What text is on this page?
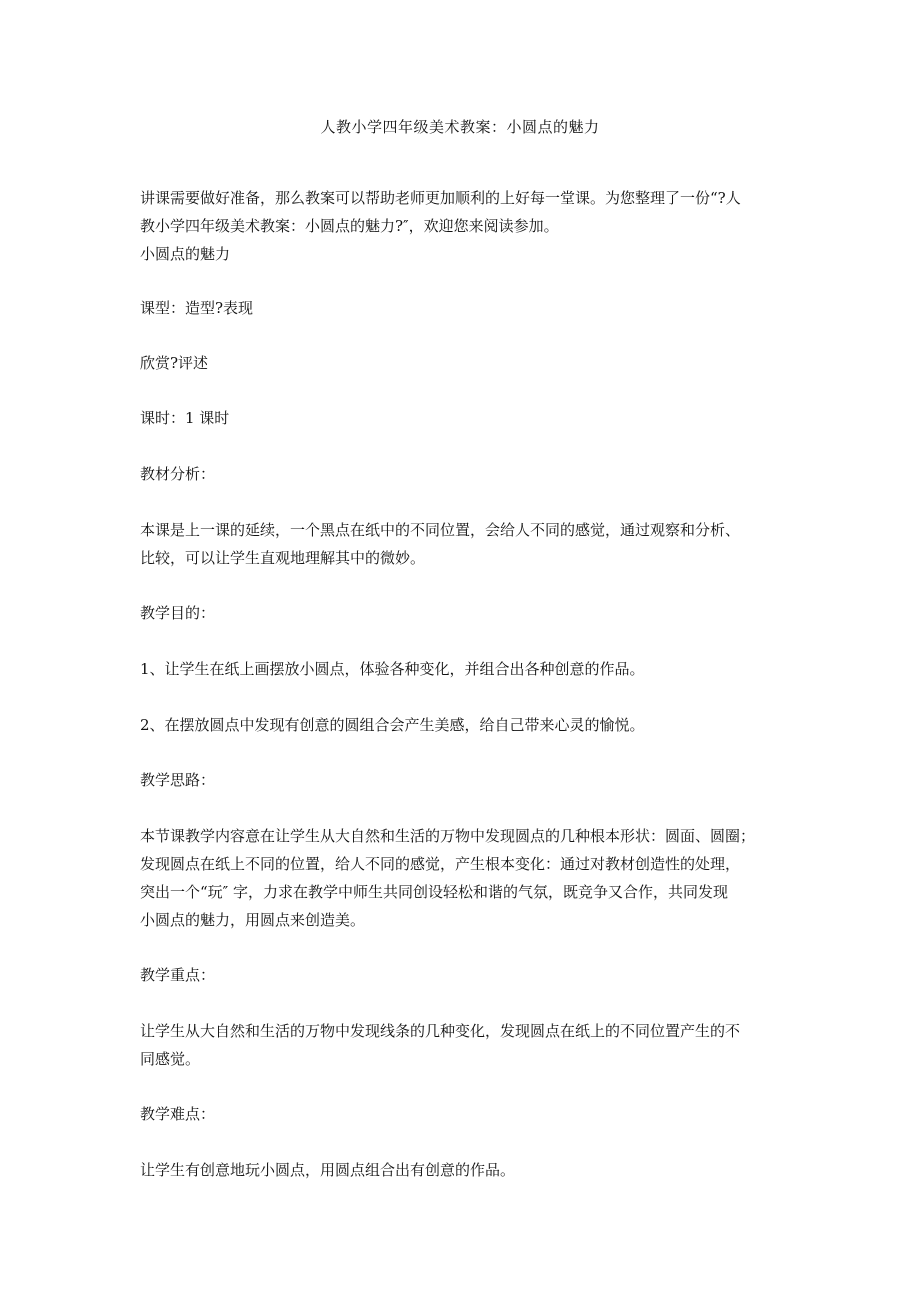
人教小学四年级美术教案：小圆点的魅力
讲课需要做好准备，那么教案可以帮助老师更加顺利的上好每一堂课。为您整理了一份“?人
教小学四年级美术教案：小圆点的魅力?″，欢迎您来阅读参加。
小圆点的魅力
课型：造型?表现
欣赏?评述
课时：1 课时
教材分析：
本课是上一课的延续，一个黑点在纸中的不同位置，会给人不同的感觉，通过观察和分析、
比较，可以让学生直观地理解其中的微妙。
教学目的：
1、让学生在纸上画摆放小圆点，体验各种变化，并组合出各种创意的作品。
2、在摆放圆点中发现有创意的圆组合会产生美感，给自己带来心灵的愉悦。
教学思路：
本节课教学内容意在让学生从大自然和生活的万物中发现圆点的几种根本形状：圆面、圆圈；
发现圆点在纸上不同的位置，给人不同的感觉，产生根本变化：通过对教材创造性的处理，
突出一个“玩″ 字，力求在教学中师生共同创设轻松和谐的气氛，既竞争又合作，共同发现
小圆点的魅力，用圆点来创造美。
教学重点：
让学生从大自然和生活的万物中发现线条的几种变化，发现圆点在纸上的不同位置产生的不
同感觉。
教学难点：
让学生有创意地玩小圆点，用圆点组合出有创意的作品。
